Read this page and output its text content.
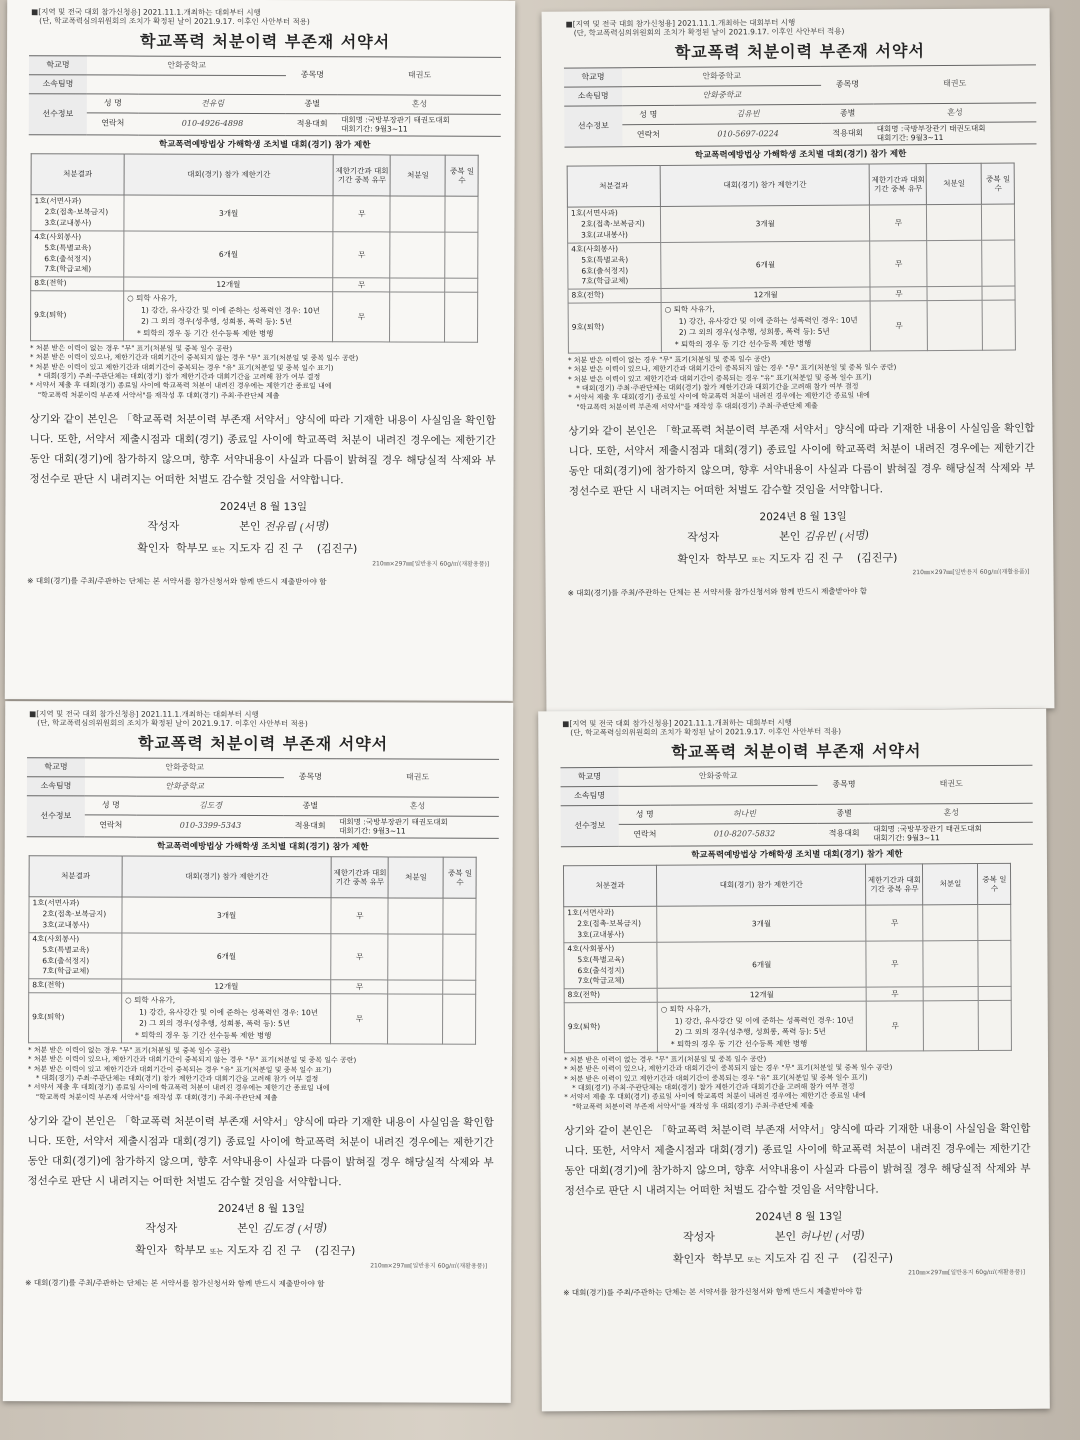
■[지역 및 전국 대회 참가신청용] 2021.11.1.개최하는 대회부터 시행
(단, 학교폭력심의위원회의 조치가 확정된 날이 2021.9.17. 이후인 사안부터 적용)
학교폭력 처분이력 부존재 서약서
학교명	안화중학교		종목명	태권도
소속팀명				
선수정보	성 명	전유림	종별	혼성
	연락처	010-4926-4898	적용대회	대회명 :국방부장관기 태권도대회
대회기간: 9월3~11
학교폭력예방법상 가해학생 조치별 대회(경기) 참가 제한
처분결과	대회(경기) 참가 제한기간	제한기간과 대회기간 중복 유무	처분일	중복 일수

1호(서면사과)
2호(접촉·보복금지)
3호(교내봉사)	3개월	무		

4호(사회봉사)
5호(특별교육)
6호(출석정지)
7호(학급교체)	6개월	무		

8호(전학)	12개월	무		

9호(퇴학)	○ 퇴학 사유가,
1) 강간, 유사강간 및 이에 준하는 성폭력인 경우: 10년
2) 그 외의 경우(성추행, 성희롱, 폭력 등): 5년
* 퇴학의 경우 동 기간 선수등록 제한 병행	무		
* 처분 받은 이력이 없는 경우 "무" 표기(처분일 및 중복 일수 공란)
* 처분 받은 이력이 있으나, 제한기간과 대회기간이 중복되지 않는 경우 "무" 표기(처분일 및 중복 일수 공란)
* 처분 받은 이력이 있고 제한기간과 대회기간이 중복되는 경우 "유" 표기(처분일 및 중복 일수 표기)
* 대회(경기) 주최·주관단체는 대회(경기) 참가 제한기간과 대회기간을 고려해 참가 여부 결정
* 서약서 제출 후 대회(경기) 종료일 사이에 학교폭력 처분이 내려진 경우에는 제한기간 종료일 내에
"학교폭력 처분이력 부존재 서약서"를 재작성 후 대회(경기) 주최·주관단체 제출
상기와 같이 본인은 「학교폭력 처분이력 부존재 서약서」양식에 따라 기재한 내용이 사실임을 확인합니다. 또한, 서약서 제출시점과 대회(경기) 종료일 사이에 학교폭력 처분이 내려진 경우에는 제한기간 동안 대회(경기)에 참가하지 않으며, 향후 서약내용이 사실과 다름이 밝혀질 경우 해당실적 삭제와 부정선수로 판단 시 내려지는 어떠한 처벌도 감수할 것임을 서약합니다.
2024년 8 월 13일
작성자	본인 전유림 (서명)
확인자 학부모 또는 지도자 김 진 구 (김진구)
210㎜×297㎜[일반용지 60g/㎡(재활용품)]
※ 대회(경기)를 주최/주관하는 단체는 본 서약서를 참가신청서와 함께 반드시 제출받아야 함
■[지역 및 전국 대회 참가신청용] 2021.11.1.개최하는 대회부터 시행
(단, 학교폭력심의위원회의 조치가 확정된 날이 2021.9.17. 이후인 사안부터 적용)
학교폭력 처분이력 부존재 서약서
학교명	안화중학교		종목명	태권도
소속팀명	안화중학교			
선수정보	성 명	김유빈	종별	혼성
	연락처	010-5697-0224	적용대회	대회명 :국방부장관기 태권도대회
대회기간: 9월3~11
학교폭력예방법상 가해학생 조치별 대회(경기) 참가 제한
처분결과	대회(경기) 참가 제한기간	제한기간과 대회기간 중복 유무	처분일	중복 일수

1호(서면사과)
2호(접촉·보복금지)
3호(교내봉사)	3개월	무		

4호(사회봉사)
5호(특별교육)
6호(출석정지)
7호(학급교체)	6개월	무		

8호(전학)	12개월	무		

9호(퇴학)	○ 퇴학 사유가,
1) 강간, 유사강간 및 이에 준하는 성폭력인 경우: 10년
2) 그 외의 경우(성추행, 성희롱, 폭력 등): 5년
* 퇴학의 경우 동 기간 선수등록 제한 병행	무		
* 처분 받은 이력이 없는 경우 "무" 표기(처분일 및 중복 일수 공란)
* 처분 받은 이력이 있으나, 제한기간과 대회기간이 중복되지 않는 경우 "무" 표기(처분일 및 중복 일수 공란)
* 처분 받은 이력이 있고 제한기간과 대회기간이 중복되는 경우 "유" 표기(처분일 및 중복 일수 표기)
* 대회(경기) 주최·주관단체는 대회(경기) 참가 제한기간과 대회기간을 고려해 참가 여부 결정
* 서약서 제출 후 대회(경기) 종료일 사이에 학교폭력 처분이 내려진 경우에는 제한기간 종료일 내에
"학교폭력 처분이력 부존재 서약서"를 재작성 후 대회(경기) 주최·주관단체 제출
상기와 같이 본인은 「학교폭력 처분이력 부존재 서약서」양식에 따라 기재한 내용이 사실임을 확인합니다. 또한, 서약서 제출시점과 대회(경기) 종료일 사이에 학교폭력 처분이 내려진 경우에는 제한기간 동안 대회(경기)에 참가하지 않으며, 향후 서약내용이 사실과 다름이 밝혀질 경우 해당실적 삭제와 부정선수로 판단 시 내려지는 어떠한 처벌도 감수할 것임을 서약합니다.
2024년 8 월 13일
작성자	본인 김유빈 (서명)
확인자 학부모 또는 지도자 김 진 구 (김진구)
210㎜×297㎜[일반용지 60g/㎡(재활용품)]
※ 대회(경기)를 주최/주관하는 단체는 본 서약서를 참가신청서와 함께 반드시 제출받아야 함
■[지역 및 전국 대회 참가신청용] 2021.11.1.개최하는 대회부터 시행
(단, 학교폭력심의위원회의 조치가 확정된 날이 2021.9.17. 이후인 사안부터 적용)
학교폭력 처분이력 부존재 서약서
학교명	안화중학교		종목명	태권도
소속팀명	안화중학교			
선수정보	성 명	김도경	종별	혼성
	연락처	010-3399-5343	적용대회	대회명 :국방부장관기 태권도대회
대회기간: 9월3~11
학교폭력예방법상 가해학생 조치별 대회(경기) 참가 제한
처분결과	대회(경기) 참가 제한기간	제한기간과 대회기간 중복 유무	처분일	중복 일수

1호(서면사과)
2호(접촉·보복금지)
3호(교내봉사)	3개월	무		

4호(사회봉사)
5호(특별교육)
6호(출석정지)
7호(학급교체)	6개월	무		

8호(전학)	12개월	무		

9호(퇴학)	○ 퇴학 사유가,
1) 강간, 유사강간 및 이에 준하는 성폭력인 경우: 10년
2) 그 외의 경우(성추행, 성희롱, 폭력 등): 5년
* 퇴학의 경우 동 기간 선수등록 제한 병행	무		
* 처분 받은 이력이 없는 경우 "무" 표기(처분일 및 중복 일수 공란)
* 처분 받은 이력이 있으나, 제한기간과 대회기간이 중복되지 않는 경우 "무" 표기(처분일 및 중복 일수 공란)
* 처분 받은 이력이 있고 제한기간과 대회기간이 중복되는 경우 "유" 표기(처분일 및 중복 일수 표기)
* 대회(경기) 주최·주관단체는 대회(경기) 참가 제한기간과 대회기간을 고려해 참가 여부 결정
* 서약서 제출 후 대회(경기) 종료일 사이에 학교폭력 처분이 내려진 경우에는 제한기간 종료일 내에
"학교폭력 처분이력 부존재 서약서"를 재작성 후 대회(경기) 주최·주관단체 제출
상기와 같이 본인은 「학교폭력 처분이력 부존재 서약서」양식에 따라 기재한 내용이 사실임을 확인합니다. 또한, 서약서 제출시점과 대회(경기) 종료일 사이에 학교폭력 처분이 내려진 경우에는 제한기간 동안 대회(경기)에 참가하지 않으며, 향후 서약내용이 사실과 다름이 밝혀질 경우 해당실적 삭제와 부정선수로 판단 시 내려지는 어떠한 처벌도 감수할 것임을 서약합니다.
2024년 8 월 13일
작성자	본인 김도경 (서명)
확인자 학부모 또는 지도자 김 진 구 (김진구)
210㎜×297㎜[일반용지 60g/㎡(재활용품)]
※ 대회(경기)를 주최/주관하는 단체는 본 서약서를 참가신청서와 함께 반드시 제출받아야 함
■[지역 및 전국 대회 참가신청용] 2021.11.1.개최하는 대회부터 시행
(단, 학교폭력심의위원회의 조치가 확정된 날이 2021.9.17. 이후인 사안부터 적용)
학교폭력 처분이력 부존재 서약서
학교명	안화중학교		종목명	태권도
소속팀명				
선수정보	성 명	허나빈	종별	혼성
	연락처	010-8207-5832	적용대회	대회명 :국방부장관기 태권도대회
대회기간: 9월3~11
학교폭력예방법상 가해학생 조치별 대회(경기) 참가 제한
처분결과	대회(경기) 참가 제한기간	제한기간과 대회기간 중복 유무	처분일	중복 일수

1호(서면사과)
2호(접촉·보복금지)
3호(교내봉사)	3개월	무		

4호(사회봉사)
5호(특별교육)
6호(출석정지)
7호(학급교체)	6개월	무		

8호(전학)	12개월	무		

9호(퇴학)	○ 퇴학 사유가,
1) 강간, 유사강간 및 이에 준하는 성폭력인 경우: 10년
2) 그 외의 경우(성추행, 성희롱, 폭력 등): 5년
* 퇴학의 경우 동 기간 선수등록 제한 병행	무		
* 처분 받은 이력이 없는 경우 "무" 표기(처분일 및 중복 일수 공란)
* 처분 받은 이력이 있으나, 제한기간과 대회기간이 중복되지 않는 경우 "무" 표기(처분일 및 중복 일수 공란)
* 처분 받은 이력이 있고 제한기간과 대회기간이 중복되는 경우 "유" 표기(처분일 및 중복 일수 표기)
* 대회(경기) 주최·주관단체는 대회(경기) 참가 제한기간과 대회기간을 고려해 참가 여부 결정
* 서약서 제출 후 대회(경기) 종료일 사이에 학교폭력 처분이 내려진 경우에는 제한기간 종료일 내에
"학교폭력 처분이력 부존재 서약서"를 재작성 후 대회(경기) 주최·주관단체 제출
상기와 같이 본인은 「학교폭력 처분이력 부존재 서약서」양식에 따라 기재한 내용이 사실임을 확인합니다. 또한, 서약서 제출시점과 대회(경기) 종료일 사이에 학교폭력 처분이 내려진 경우에는 제한기간 동안 대회(경기)에 참가하지 않으며, 향후 서약내용이 사실과 다름이 밝혀질 경우 해당실적 삭제와 부정선수로 판단 시 내려지는 어떠한 처벌도 감수할 것임을 서약합니다.
2024년 8 월 13일
작성자	본인 허나빈 (서명)
확인자 학부모 또는 지도자 김 진 구 (김진구)
210㎜×297㎜[일반용지 60g/㎡(재활용품)]
※ 대회(경기)를 주최/주관하는 단체는 본 서약서를 참가신청서와 함께 반드시 제출받아야 함
